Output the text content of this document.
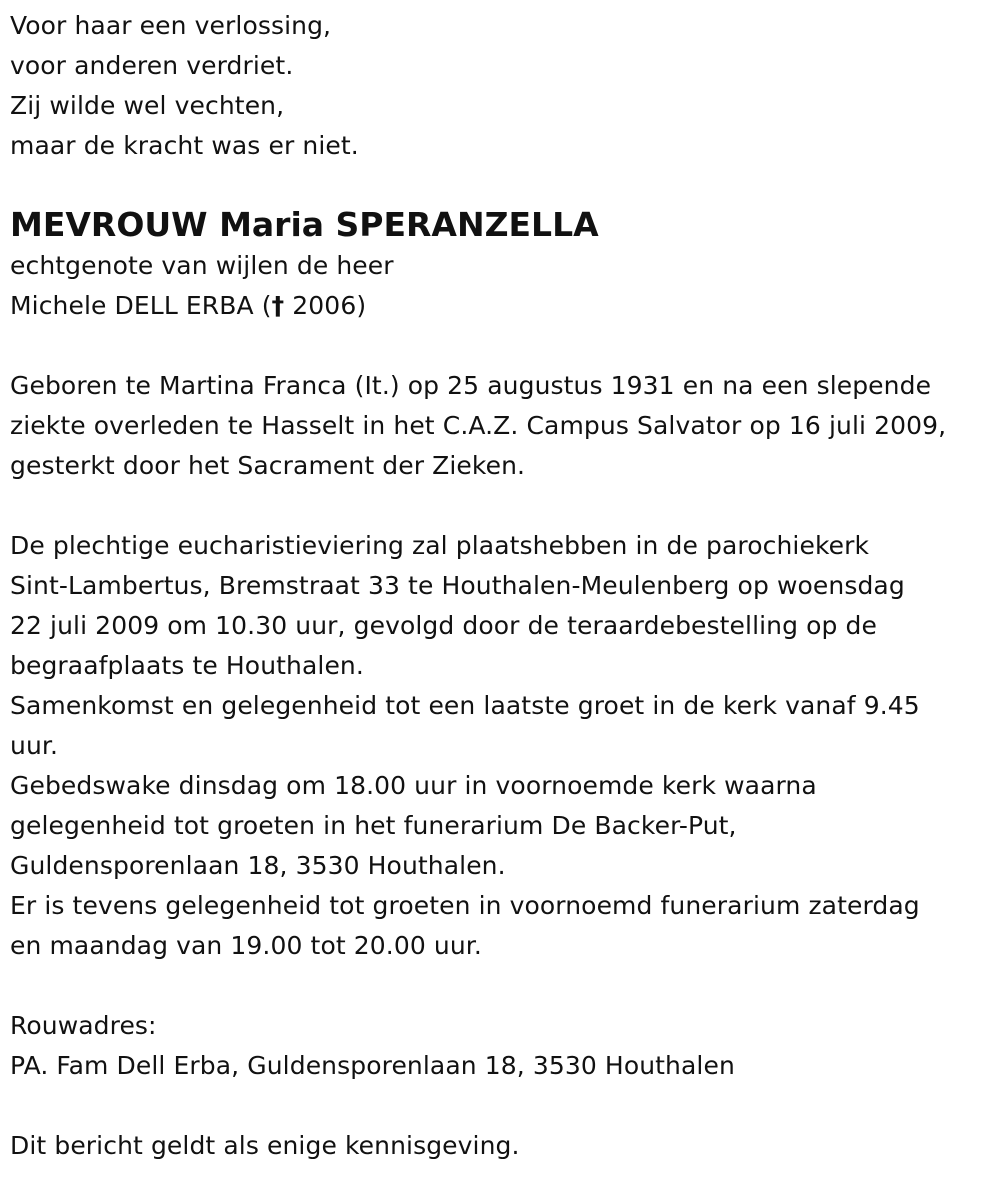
Voor haar een verlossing,
voor anderen verdriet.
Zij wilde wel vechten,
maar de kracht was er niet.
MEVROUW Maria SPERANZELLA
echtgenote van wijlen de heer
Michele DELL ERBA († 2006)
Geboren te Martina Franca (It.) op 25 augustus 1931 en na een slepende
ziekte overleden te Hasselt in het C.A.Z. Campus Salvator op 16 juli 2009,
gesterkt door het Sacrament der Zieken.
De plechtige eucharistieviering zal plaatshebben in de parochiekerk
Sint-Lambertus, Bremstraat 33 te Houthalen-Meulenberg op woensdag
22 juli 2009 om 10.30 uur, gevolgd door de teraardebestelling op de
begraafplaats te Houthalen.
Samenkomst en gelegenheid tot een laatste groet in de kerk vanaf 9.45
uur.
Gebedswake dinsdag om 18.00 uur in voornoemde kerk waarna
gelegenheid tot groeten in het funerarium De Backer-Put,
Guldensporenlaan 18, 3530 Houthalen.
Er is tevens gelegenheid tot groeten in voornoemd funerarium zaterdag
en maandag van 19.00 tot 20.00 uur.
Rouwadres:
PA. Fam Dell Erba, Guldensporenlaan 18, 3530 Houthalen
Dit bericht geldt als enige kennisgeving.
